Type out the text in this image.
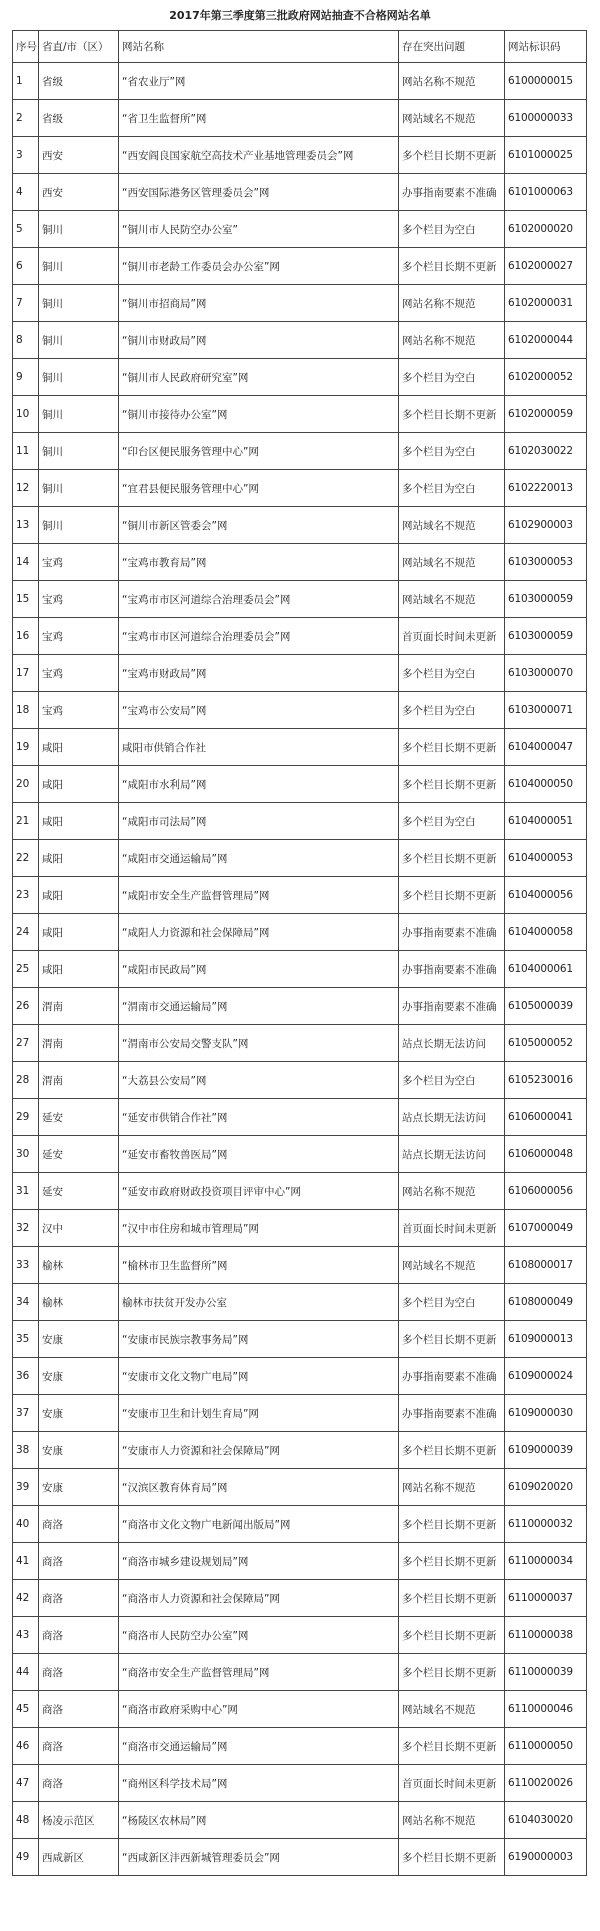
2017年第三季度第三批政府网站抽查不合格网站名单
序号	省直/市（区）	网站名称	存在突出问题	网站标识码
1	省级	“省农业厅”网	网站名称不规范	6100000015
2	省级	“省卫生监督所”网	网站域名不规范	6100000033
3	西安	“西安阎良国家航空高技术产业基地管理委员会”网	多个栏目长期不更新	6101000025
4	西安	“西安国际港务区管理委员会”网	办事指南要素不准确	6101000063
5	铜川	“铜川市人民防空办公室”	多个栏目为空白	6102000020
6	铜川	“铜川市老龄工作委员会办公室”网	多个栏目长期不更新	6102000027
7	铜川	“铜川市招商局”网	网站名称不规范	6102000031
8	铜川	“铜川市财政局”网	网站名称不规范	6102000044
9	铜川	“铜川市人民政府研究室”网	多个栏目为空白	6102000052
10	铜川	“铜川市接待办公室”网	多个栏目长期不更新	6102000059
11	铜川	“印台区便民服务管理中心”网	多个栏目为空白	6102030022
12	铜川	“宜君县便民服务管理中心”网	多个栏目为空白	6102220013
13	铜川	“铜川市新区管委会”网	网站域名不规范	6102900003
14	宝鸡	“宝鸡市教育局”网	网站域名不规范	6103000053
15	宝鸡	“宝鸡市市区河道综合治理委员会”网	网站域名不规范	6103000059
16	宝鸡	“宝鸡市市区河道综合治理委员会”网	首页面长时间未更新	6103000059
17	宝鸡	“宝鸡市财政局”网	多个栏目为空白	6103000070
18	宝鸡	“宝鸡市公安局”网	多个栏目为空白	6103000071
19	咸阳	咸阳市供销合作社	多个栏目长期不更新	6104000047
20	咸阳	“咸阳市水利局”网	多个栏目长期不更新	6104000050
21	咸阳	“咸阳市司法局”网	多个栏目为空白	6104000051
22	咸阳	“咸阳市交通运输局”网	多个栏目长期不更新	6104000053
23	咸阳	“咸阳市安全生产监督管理局”网	多个栏目长期不更新	6104000056
24	咸阳	“咸阳人力资源和社会保障局”网	办事指南要素不准确	6104000058
25	咸阳	“咸阳市民政局”网	办事指南要素不准确	6104000061
26	渭南	“渭南市交通运输局”网	办事指南要素不准确	6105000039
27	渭南	“渭南市公安局交警支队”网	站点长期无法访问	6105000052
28	渭南	“大荔县公安局”网	多个栏目为空白	6105230016
29	延安	“延安市供销合作社”网	站点长期无法访问	6106000041
30	延安	“延安市畜牧兽医局”网	站点长期无法访问	6106000048
31	延安	“延安市政府财政投资项目评审中心”网	网站名称不规范	6106000056
32	汉中	“汉中市住房和城市管理局”网	首页面长时间未更新	6107000049
33	榆林	“榆林市卫生监督所”网	网站域名不规范	6108000017
34	榆林	榆林市扶贫开发办公室	多个栏目为空白	6108000049
35	安康	“安康市民族宗教事务局”网	多个栏目长期不更新	6109000013
36	安康	“安康市文化文物广电局”网	办事指南要素不准确	6109000024
37	安康	“安康市卫生和计划生育局”网	办事指南要素不准确	6109000030
38	安康	“安康市人力资源和社会保障局”网	多个栏目长期不更新	6109000039
39	安康	“汉滨区教育体育局”网	网站名称不规范	6109020020
40	商洛	“商洛市文化文物广电新闻出版局”网	多个栏目长期不更新	6110000032
41	商洛	“商洛市城乡建设规划局”网	多个栏目长期不更新	6110000034
42	商洛	“商洛市人力资源和社会保障局”网	多个栏目长期不更新	6110000037
43	商洛	“商洛市人民防空办公室”网	多个栏目长期不更新	6110000038
44	商洛	“商洛市安全生产监督管理局”网	多个栏目长期不更新	6110000039
45	商洛	“商洛市政府采购中心”网	网站域名不规范	6110000046
46	商洛	“商洛市交通运输局”网	多个栏目长期不更新	6110000050
47	商洛	“商州区科学技术局”网	首页面长时间未更新	6110020026
48	杨凌示范区	“杨陵区农林局”网	网站名称不规范	6104030020
49	西咸新区	“西咸新区沣西新城管理委员会”网	多个栏目长期不更新	6190000003
